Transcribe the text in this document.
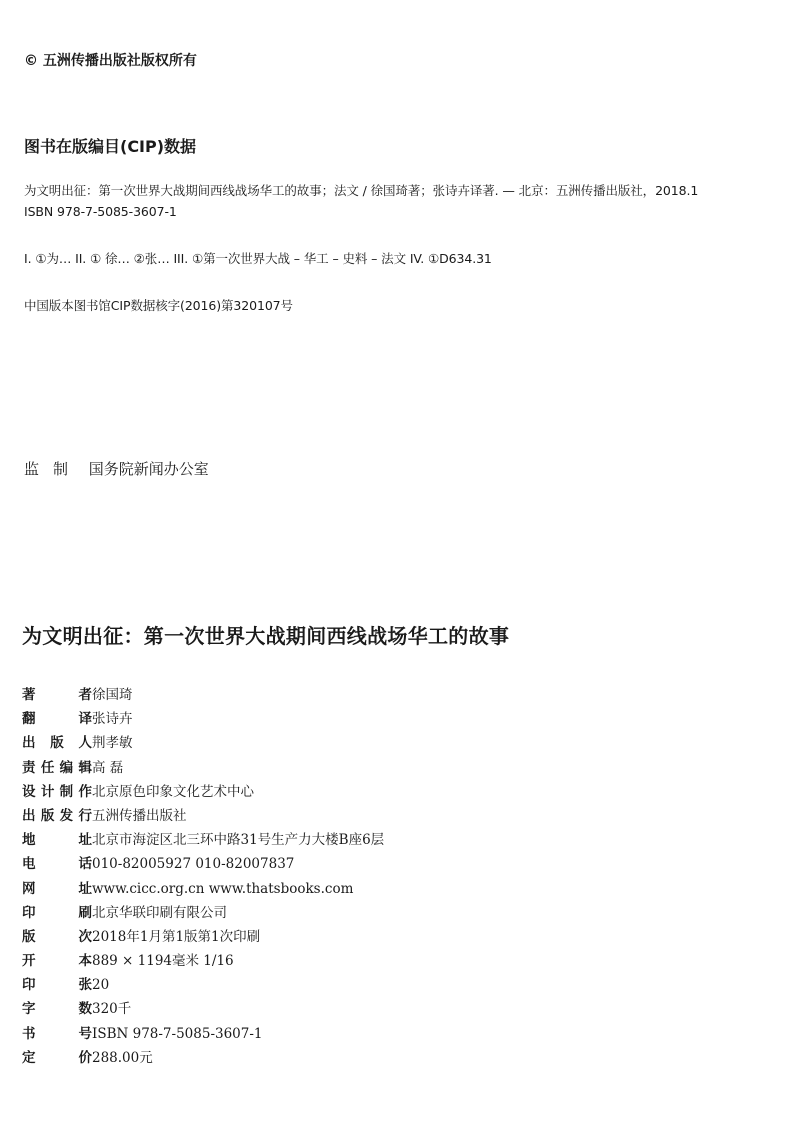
© 五洲传播出版社版权所有
图书在版编目(CIP)数据
为文明出征：第一次世界大战期间西线战场华工的故事；法文 / 徐国琦著；张诗卉译著. — 北京：五洲传播出版社，2018.1
ISBN 978-7-5085-3607-1
I. ①为… II. ① 徐… ②张… III. ①第一次世界大战 – 华工 – 史料 – 法文 IV. ①D634.31
中国版本图书馆CIP数据核字(2016)第320107号
监制 国务院新闻办公室
为文明出征：第一次世界大战期间西线战场华工的故事
著者 徐国琦
翻译 张诗卉
出版人 荆孝敏
责任编辑 高 磊
设计制作 北京原色印象文化艺术中心
出版发行 五洲传播出版社
地址 北京市海淀区北三环中路31号生产力大楼B座6层
电话 010-82005927 010-82007837
网址 www.cicc.org.cn www.thatsbooks.com
印刷 北京华联印刷有限公司
版次 2018年1月第1版第1次印刷
开本 889 × 1194毫米 1/16
印张 20
字数 320千
书号 ISBN 978-7-5085-3607-1
定价 288.00元
